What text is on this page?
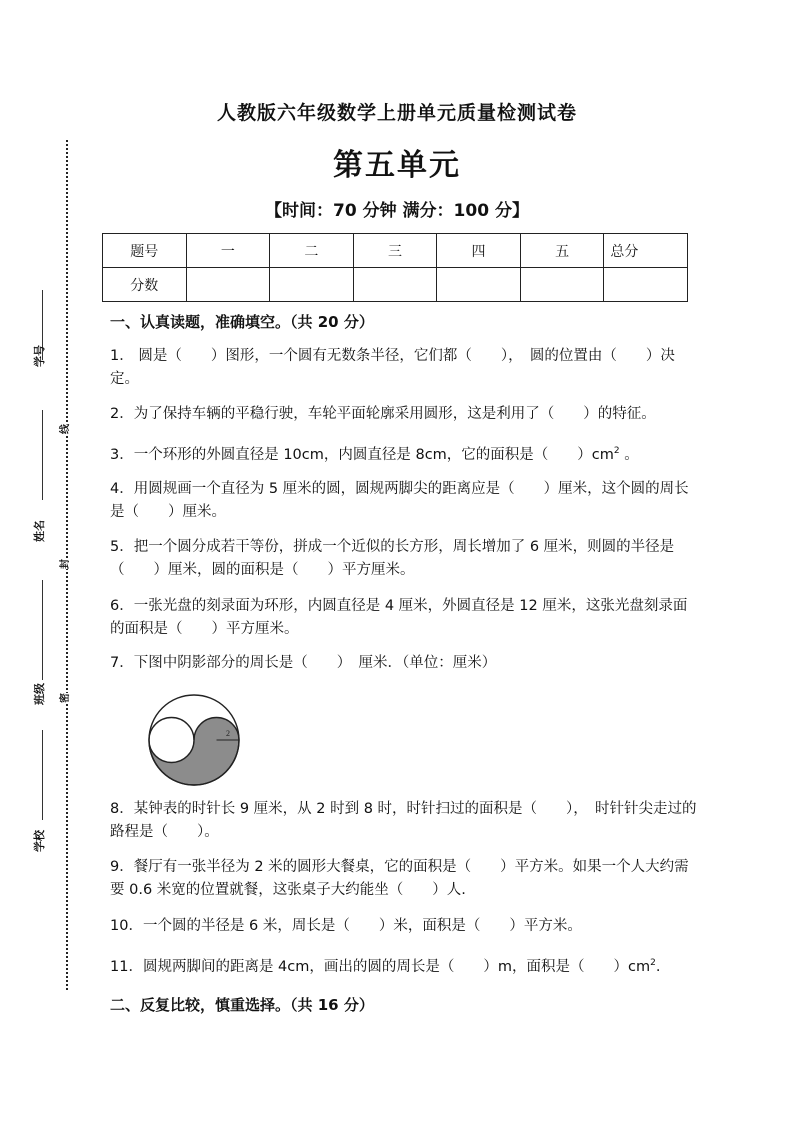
学号
姓名
班级
学校
线
封
密
人教版六年级数学上册单元质量检测试卷
第五单元
【时间：70 分钟 满分：100 分】
题号	一	二	三	四	五	总分
分数						
一、认真读题，准确填空。（共 20 分）
1． 圆是（　　）图形，一个圆有无数条半径，它们都（　　），　圆的位置由（　　）决定。
2．为了保持车辆的平稳行驶，车轮平面轮廓采用圆形，这是利用了（　　）的特征。
3．一个环形的外圆直径是 10cm，内圆直径是 8cm，它的面积是（　　）$cm^2$ 。
4．用圆规画一个直径为 5 厘米的圆，圆规两脚尖的距离应是（　　）厘米，这个圆的周长是（　　）厘米。
5．把一个圆分成若干等份，拼成一个近似的长方形，周长增加了 6 厘米，则圆的半径是（　　）厘米，圆的面积是（　　）平方厘米。
6．一张光盘的刻录面为环形，内圆直径是 4 厘米，外圆直径是 12 厘米，这张光盘刻录面的面积是（　　）平方厘米。
7．下图中阴影部分的周长是（　　）　厘米．（单位：厘米）
2
8．某钟表的时针长 9 厘米，从 2 时到 8 时，时针扫过的面积是（　　），　时针针尖走过的路程是（　　）。
9．餐厅有一张半径为 2 米的圆形大餐桌，它的面积是（　　）平方米。如果一个人大约需要 0.6 米宽的位置就餐，这张桌子大约能坐（　　）人.
10．一个圆的半径是 6 米，周长是（　　）米，面积是（　　）平方米。
11．圆规两脚间的距离是 4cm，画出的圆的周长是（　　）m，面积是（　　）$cm^2$.
二、反复比较，慎重选择。（共 16 分）
